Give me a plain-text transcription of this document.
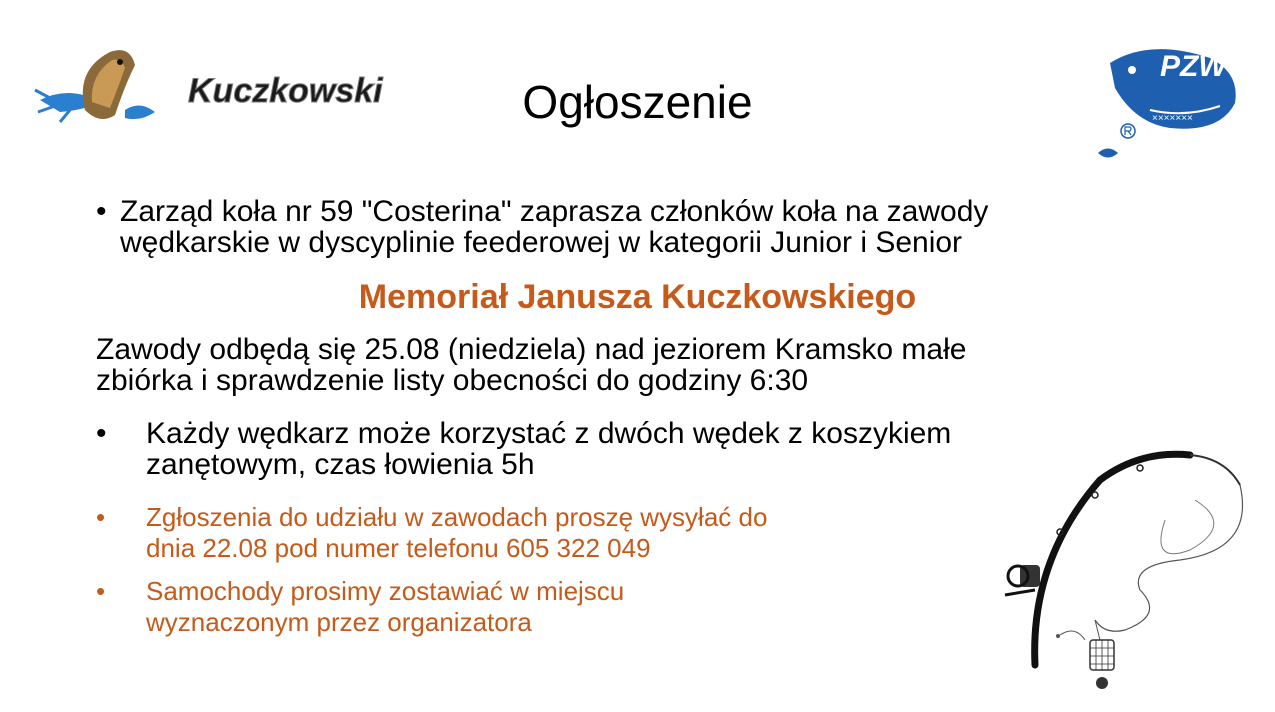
Kuczkowski	Ogłoszenie	×××××××
PZW
• Zarząd koła nr 59 "Costerina" zaprasza członków koła na zawody
wędkarskie w dyscyplinie feederowej w kategorii Junior i Senior
Memoriał Janusza Kuczkowskiego
Zawody odbędą się 25.08 (niedziela) nad jeziorem Kramsko małe
zbiórka i sprawdzenie listy obecności do godziny 6:30
•	Każdy wędkarz może korzystać z dwóch wędek z koszykiem
zanętowym, czas łowienia 5h
•	Zgłoszenia do udziału w zawodach proszę wysyłać do
dnia 22.08 pod numer telefonu 605 322 049
•	Samochody prosimy zostawiać w miejscu
wyznaczonym przez organizatora
